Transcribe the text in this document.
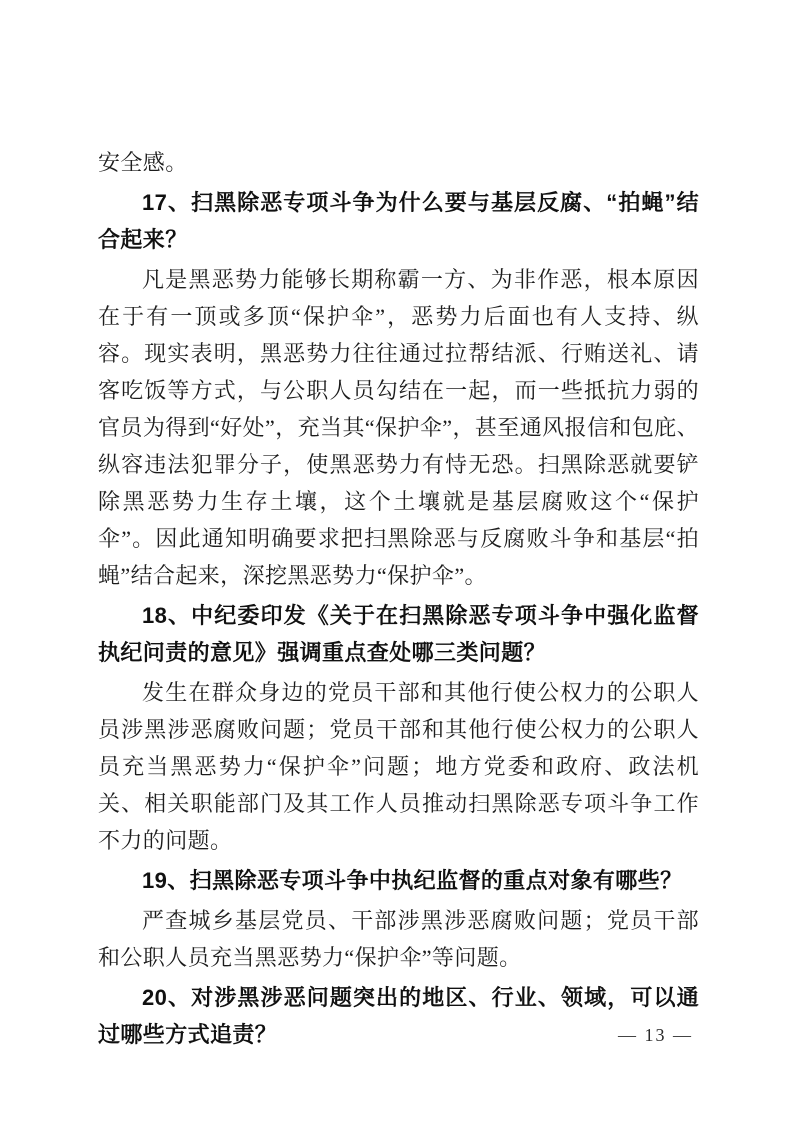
安全感。

17、扫黑除恶专项斗争为什么要与基层反腐、“拍蝇”结合起来？

凡是黑恶势力能够长期称霸一方、为非作恶，根本原因在于有一顶或多顶“保护伞”，恶势力后面也有人支持、纵容。现实表明，黑恶势力往往通过拉帮结派、行贿送礼、请客吃饭等方式，与公职人员勾结在一起，而一些抵抗力弱的官员为得到“好处”，充当其“保护伞”，甚至通风报信和包庇、纵容违法犯罪分子，使黑恶势力有恃无恐。扫黑除恶就要铲除黑恶势力生存土壤，这个土壤就是基层腐败这个“保护伞”。因此通知明确要求把扫黑除恶与反腐败斗争和基层“拍蝇”结合起来，深挖黑恶势力“保护伞”。

18、中纪委印发《关于在扫黑除恶专项斗争中强化监督执纪问责的意见》强调重点查处哪三类问题？

发生在群众身边的党员干部和其他行使公权力的公职人员涉黑涉恶腐败问题；党员干部和其他行使公权力的公职人员充当黑恶势力“保护伞”问题；地方党委和政府、政法机关、相关职能部门及其工作人员推动扫黑除恶专项斗争工作不力的问题。

19、扫黑除恶专项斗争中执纪监督的重点对象有哪些？

严查城乡基层党员、干部涉黑涉恶腐败问题；党员干部和公职人员充当黑恶势力“保护伞”等问题。

20、对涉黑涉恶问题突出的地区、行业、领域，可以通过哪些方式追责？	— 13 —
